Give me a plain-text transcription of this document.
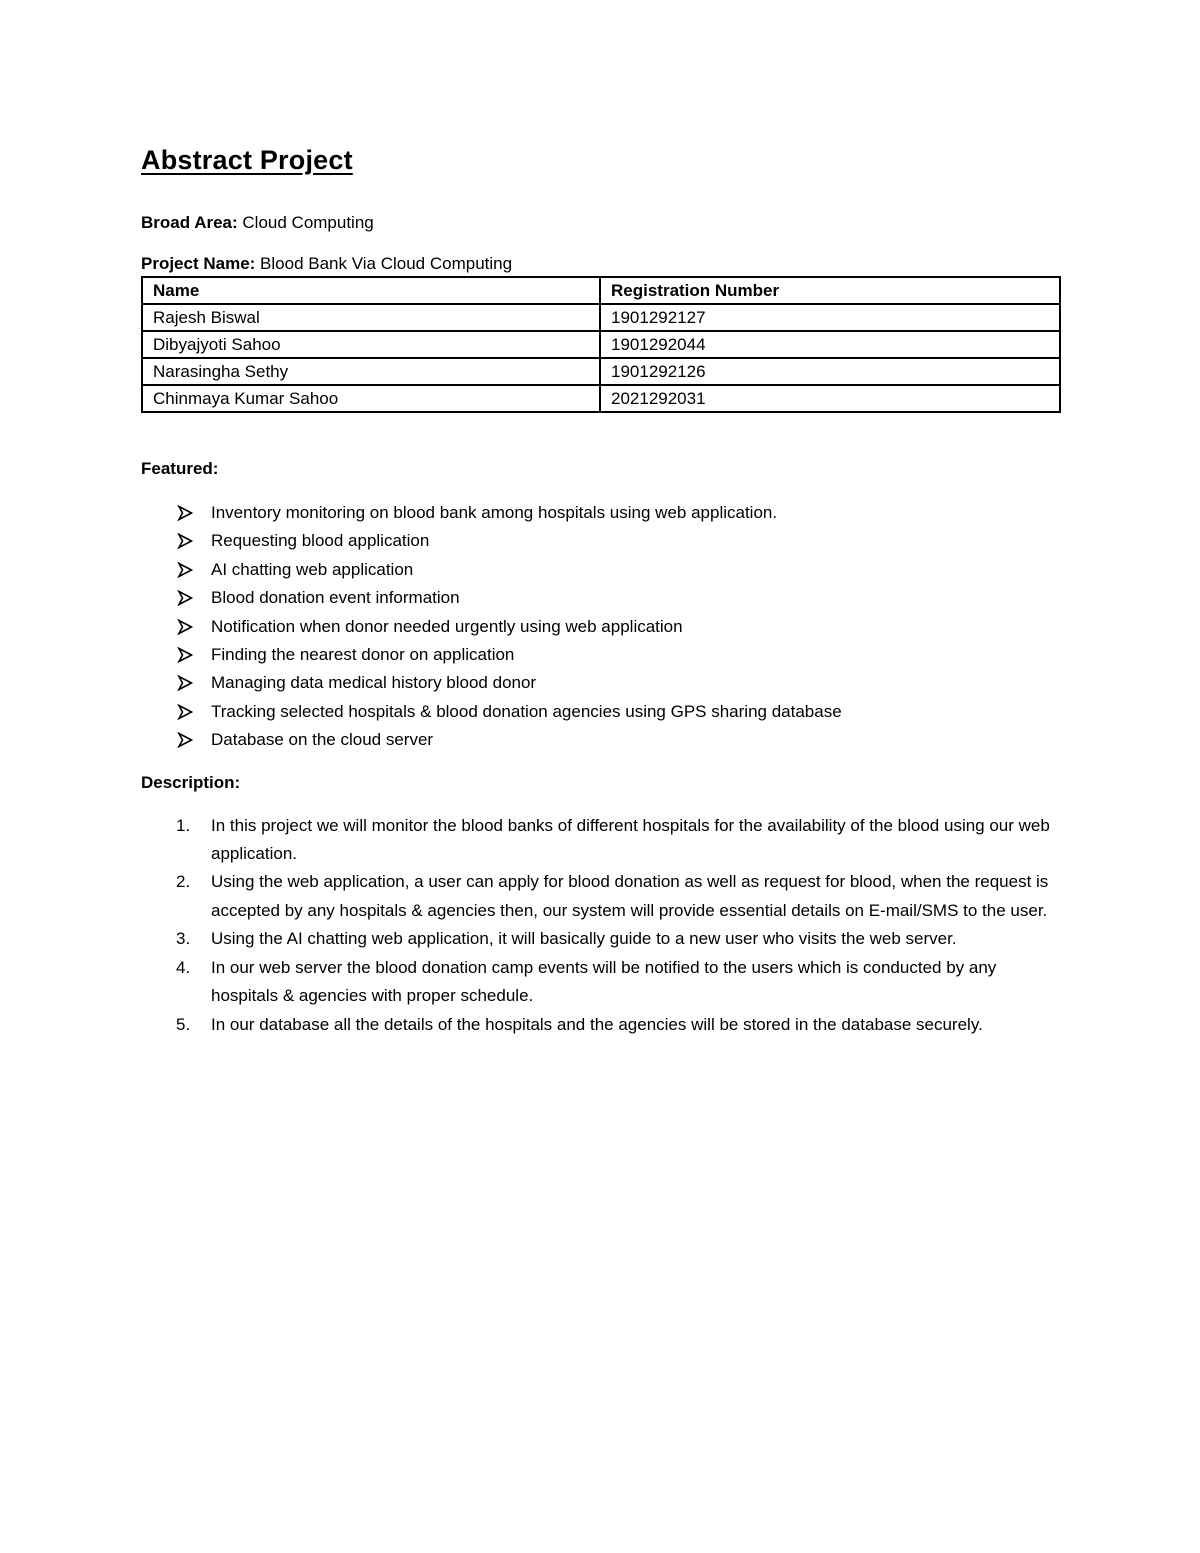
Abstract Project

Broad Area: Cloud Computing

Project Name: Blood Bank Via Cloud Computing

Name	Registration Number
Rajesh Biswal	1901292127
Dibyajyoti Sahoo	1901292044
Narasingha Sethy	1901292126
Chinmaya Kumar Sahoo	2021292031

Featured:

Inventory monitoring on blood bank among hospitals using web application.
Requesting blood application
AI chatting web application
Blood donation event information
Notification when donor needed urgently using web application
Finding the nearest donor on application
Managing data medical history blood donor
Tracking selected hospitals & blood donation agencies using GPS sharing database
Database on the cloud server

Description:

1. In this project we will monitor the blood banks of different hospitals for the availability of the blood using our web application.
2. Using the web application, a user can apply for blood donation as well as request for blood, when the request is accepted by any hospitals & agencies then, our system will provide essential details on E-mail/SMS to the user.
3. Using the AI chatting web application, it will basically guide to a new user who visits the web server.
4. In our web server the blood donation camp events will be notified to the users which is conducted by any hospitals & agencies with proper schedule.
5. In our database all the details of the hospitals and the agencies will be stored in the database securely.
